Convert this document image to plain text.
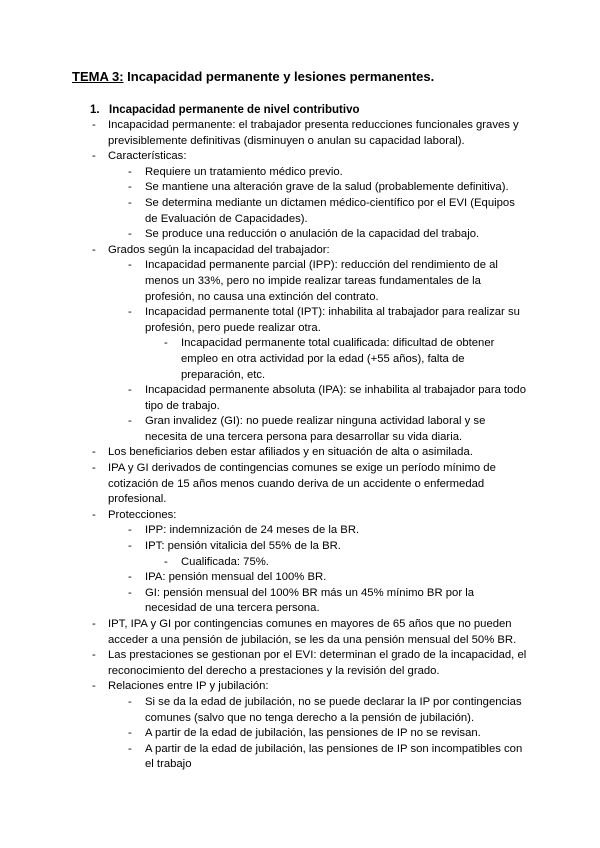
TEMA 3: Incapacidad permanente y lesiones permanentes.
1. Incapacidad permanente de nivel contributivo
- Incapacidad permanente: el trabajador presenta reducciones funcionales graves y previsiblemente definitivas (disminuyen o anulan su capacidad laboral).
- Características:
- Requiere un tratamiento médico previo.
- Se mantiene una alteración grave de la salud (probablemente definitiva).
- Se determina mediante un dictamen médico-científico por el EVI (Equipos de Evaluación de Capacidades).
- Se produce una reducción o anulación de la capacidad del trabajo.
- Grados según la incapacidad del trabajador:
- Incapacidad permanente parcial (IPP): reducción del rendimiento de al menos un 33%, pero no impide realizar tareas fundamentales de la profesión, no causa una extinción del contrato.
- Incapacidad permanente total (IPT): inhabilita al trabajador para realizar su profesión, pero puede realizar otra.
- Incapacidad permanente total cualificada: dificultad de obtener empleo en otra actividad por la edad (+55 años), falta de preparación, etc.
- Incapacidad permanente absoluta (IPA): se inhabilita al trabajador para todo tipo de trabajo.
- Gran invalidez (GI): no puede realizar ninguna actividad laboral y se necesita de una tercera persona para desarrollar su vida diaria.
- Los beneficiarios deben estar afiliados y en situación de alta o asimilada.
- IPA y GI derivados de contingencias comunes se exige un período mínimo de cotización de 15 años menos cuando deriva de un accidente o enfermedad profesional.
- Protecciones:
- IPP: indemnización de 24 meses de la BR.
- IPT: pensión vitalicia del 55% de la BR.
- Cualificada: 75%.
- IPA: pensión mensual del 100% BR.
- GI: pensión mensual del 100% BR más un 45% mínimo BR por la necesidad de una tercera persona.
- IPT, IPA y GI por contingencias comunes en mayores de 65 años que no pueden acceder a una pensión de jubilación, se les da una pensión mensual del 50% BR.
- Las prestaciones se gestionan por el EVI: determinan el grado de la incapacidad, el reconocimiento del derecho a prestaciones y la revisión del grado.
- Relaciones entre IP y jubilación:
- Si se da la edad de jubilación, no se puede declarar la IP por contingencias comunes (salvo que no tenga derecho a la pensión de jubilación).
- A partir de la edad de jubilación, las pensiones de IP no se revisan.
- A partir de la edad de jubilación, las pensiones de IP son incompatibles con el trabajo
